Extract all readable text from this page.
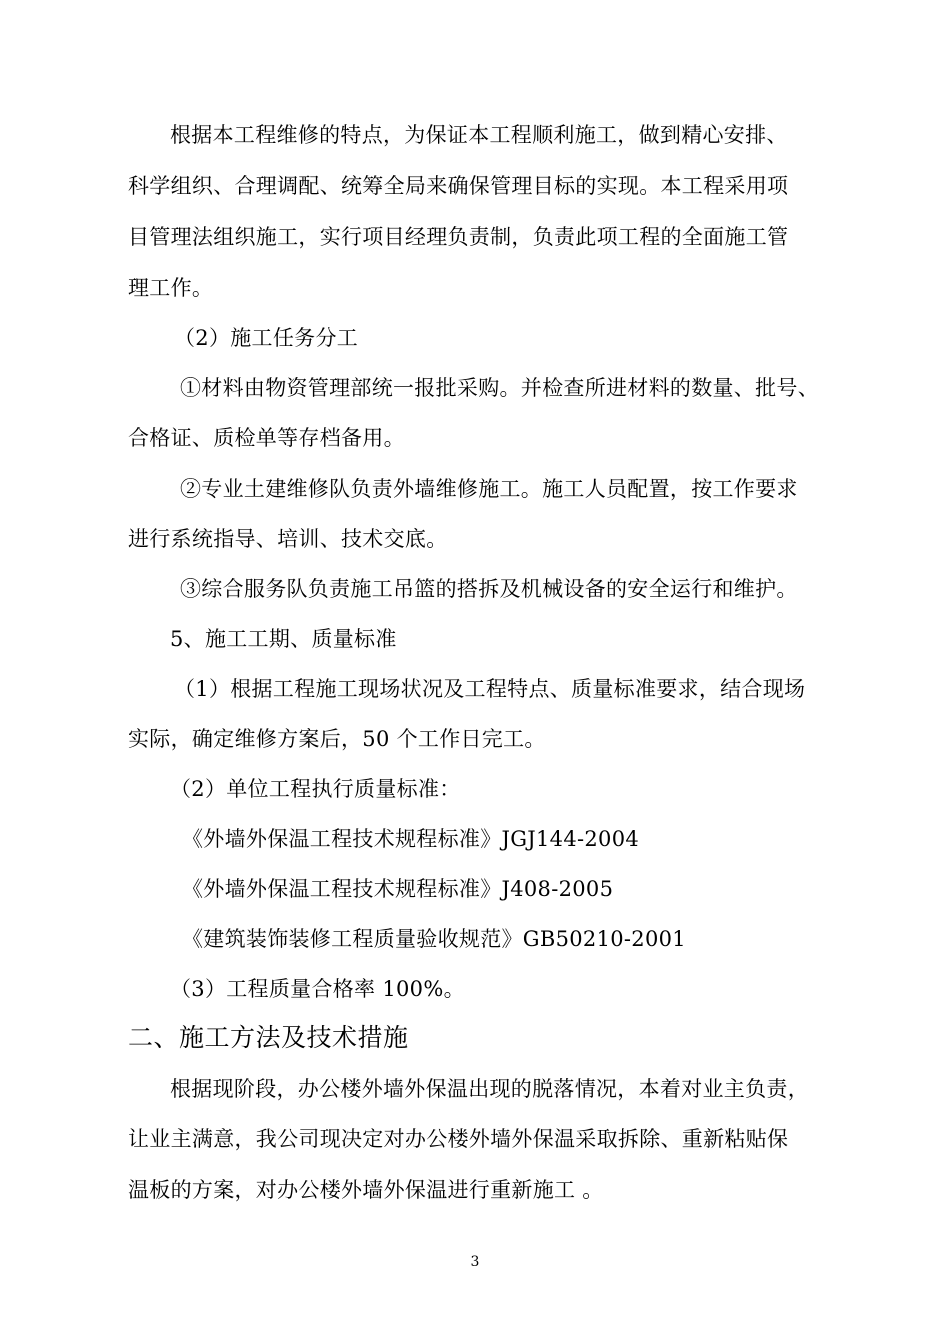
根据本工程维修的特点，为保证本工程顺利施工，做到精心安排、

科学组织、合理调配、统筹全局来确保管理目标的实现。本工程采用项

目管理法组织施工，实行项目经理负责制，负责此项工程的全面施工管

理工作。

（2）施工任务分工

①材料由物资管理部统一报批采购。并检查所进材料的数量、批号、

合格证、质检单等存档备用。

②专业土建维修队负责外墙维修施工。施工人员配置，按工作要求

进行系统指导、培训、技术交底。

③综合服务队负责施工吊篮的搭拆及机械设备的安全运行和维护。

5、施工工期、质量标准

（1）根据工程施工现场状况及工程特点、质量标准要求，结合现场

实际，确定维修方案后，50 个工作日完工。

（2）单位工程执行质量标准：

《外墙外保温工程技术规程标准》JGJ144-2004

《外墙外保温工程技术规程标准》J408-2005

《建筑装饰装修工程质量验收规范》GB50210-2001

（3）工程质量合格率 100%。

二、施工方法及技术措施

根据现阶段，办公楼外墙外保温出现的脱落情况，本着对业主负责，

让业主满意，我公司现决定对办公楼外墙外保温采取拆除、重新粘贴保

温板的方案，对办公楼外墙外保温进行重新施工 。

3
